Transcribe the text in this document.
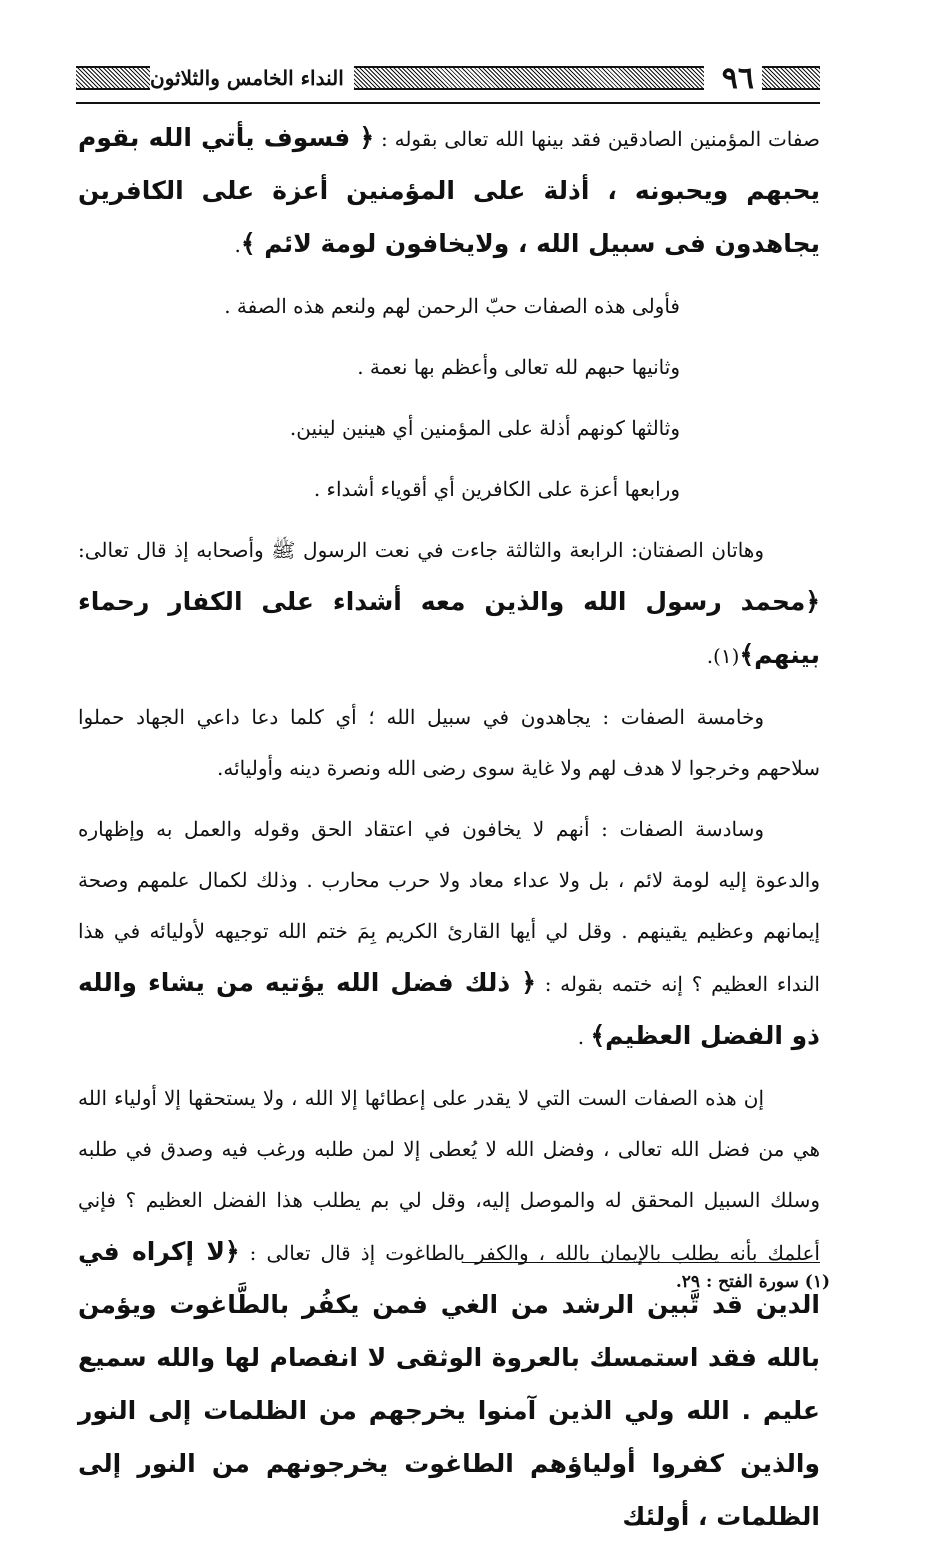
النداء الخامس والثلاثون	٩٦

صفات المؤمنين الصادقين فقد بينها الله تعالى بقوله : ﴿ فسوف يأتي الله بقوم يحبهم ويحبونه ، أذلة على المؤمنين أعزة على الكافرين يجاهدون فى سبيل الله ، ولايخافون لومة لائم ﴾.

فأولى هذه الصفات حبّ الرحمن لهم ولنعم هذه الصفة .

وثانيها حبهم لله تعالى وأعظم بها نعمة .

وثالثها كونهم أذلة على المؤمنين أي هينين لينين.

ورابعها أعزة على الكافرين أي أقوياء أشداء .

وهاتان الصفتان: الرابعة والثالثة جاءت في نعت الرسول ﷺ وأصحابه إذ قال تعالى:﴿محمد رسول الله والذين معه أشداء على الكفار رحماء بينهم﴾(١).

وخامسة الصفات : يجاهدون في سبيل الله ؛ أي كلما دعا داعي الجهاد حملوا سلاحهم وخرجوا لا هدف لهم ولا غاية سوى رضى الله ونصرة دينه وأوليائه.

وسادسة الصفات : أنهم لا يخافون في اعتقاد الحق وقوله والعمل به وإظهاره والدعوة إليه لومة لائم ، بل ولا عداء معاد ولا حرب محارب . وذلك لكمال علمهم وصحة إيمانهم وعظيم يقينهم . وقل لي أيها القارئ الكريم بِمَ ختم الله توجيهه لأوليائه في هذا النداء العظيم ؟ إنه ختمه بقوله : ﴿ ذلك فضل الله يؤتيه من يشاء والله ذو الفضل العظيم﴾ .

إن هذه الصفات الست التي لا يقدر على إعطائها إلا الله ، ولا يستحقها إلا أولياء الله هي من فضل الله تعالى ، وفضل الله لا يُعطى إلا لمن طلبه ورغب فيه وصدق في طلبه وسلك السبيل المحقق له والموصل إليه، وقل لي بم يطلب هذا الفضل العظيم ؟ فإني أعلمك بأنه يطلب بالإيمان بالله ، والكفر بالطاغوت إذ قال تعالى : ﴿لا إكراه في الدين قد تَّبين الرشد من الغي فمن يكفُر بالطَّاغوت ويؤمن بالله فقد استمسك بالعروة الوثقى لا انفصام لها والله سميع عليم . الله ولي الذين آمنوا يخرجهم من الظلمات إلى النور والذين كفروا أولياؤهم الطاغوت يخرجونهم من النور إلى الظلمات ، أولئك

(١) سورة الفتح : ٢٩.
